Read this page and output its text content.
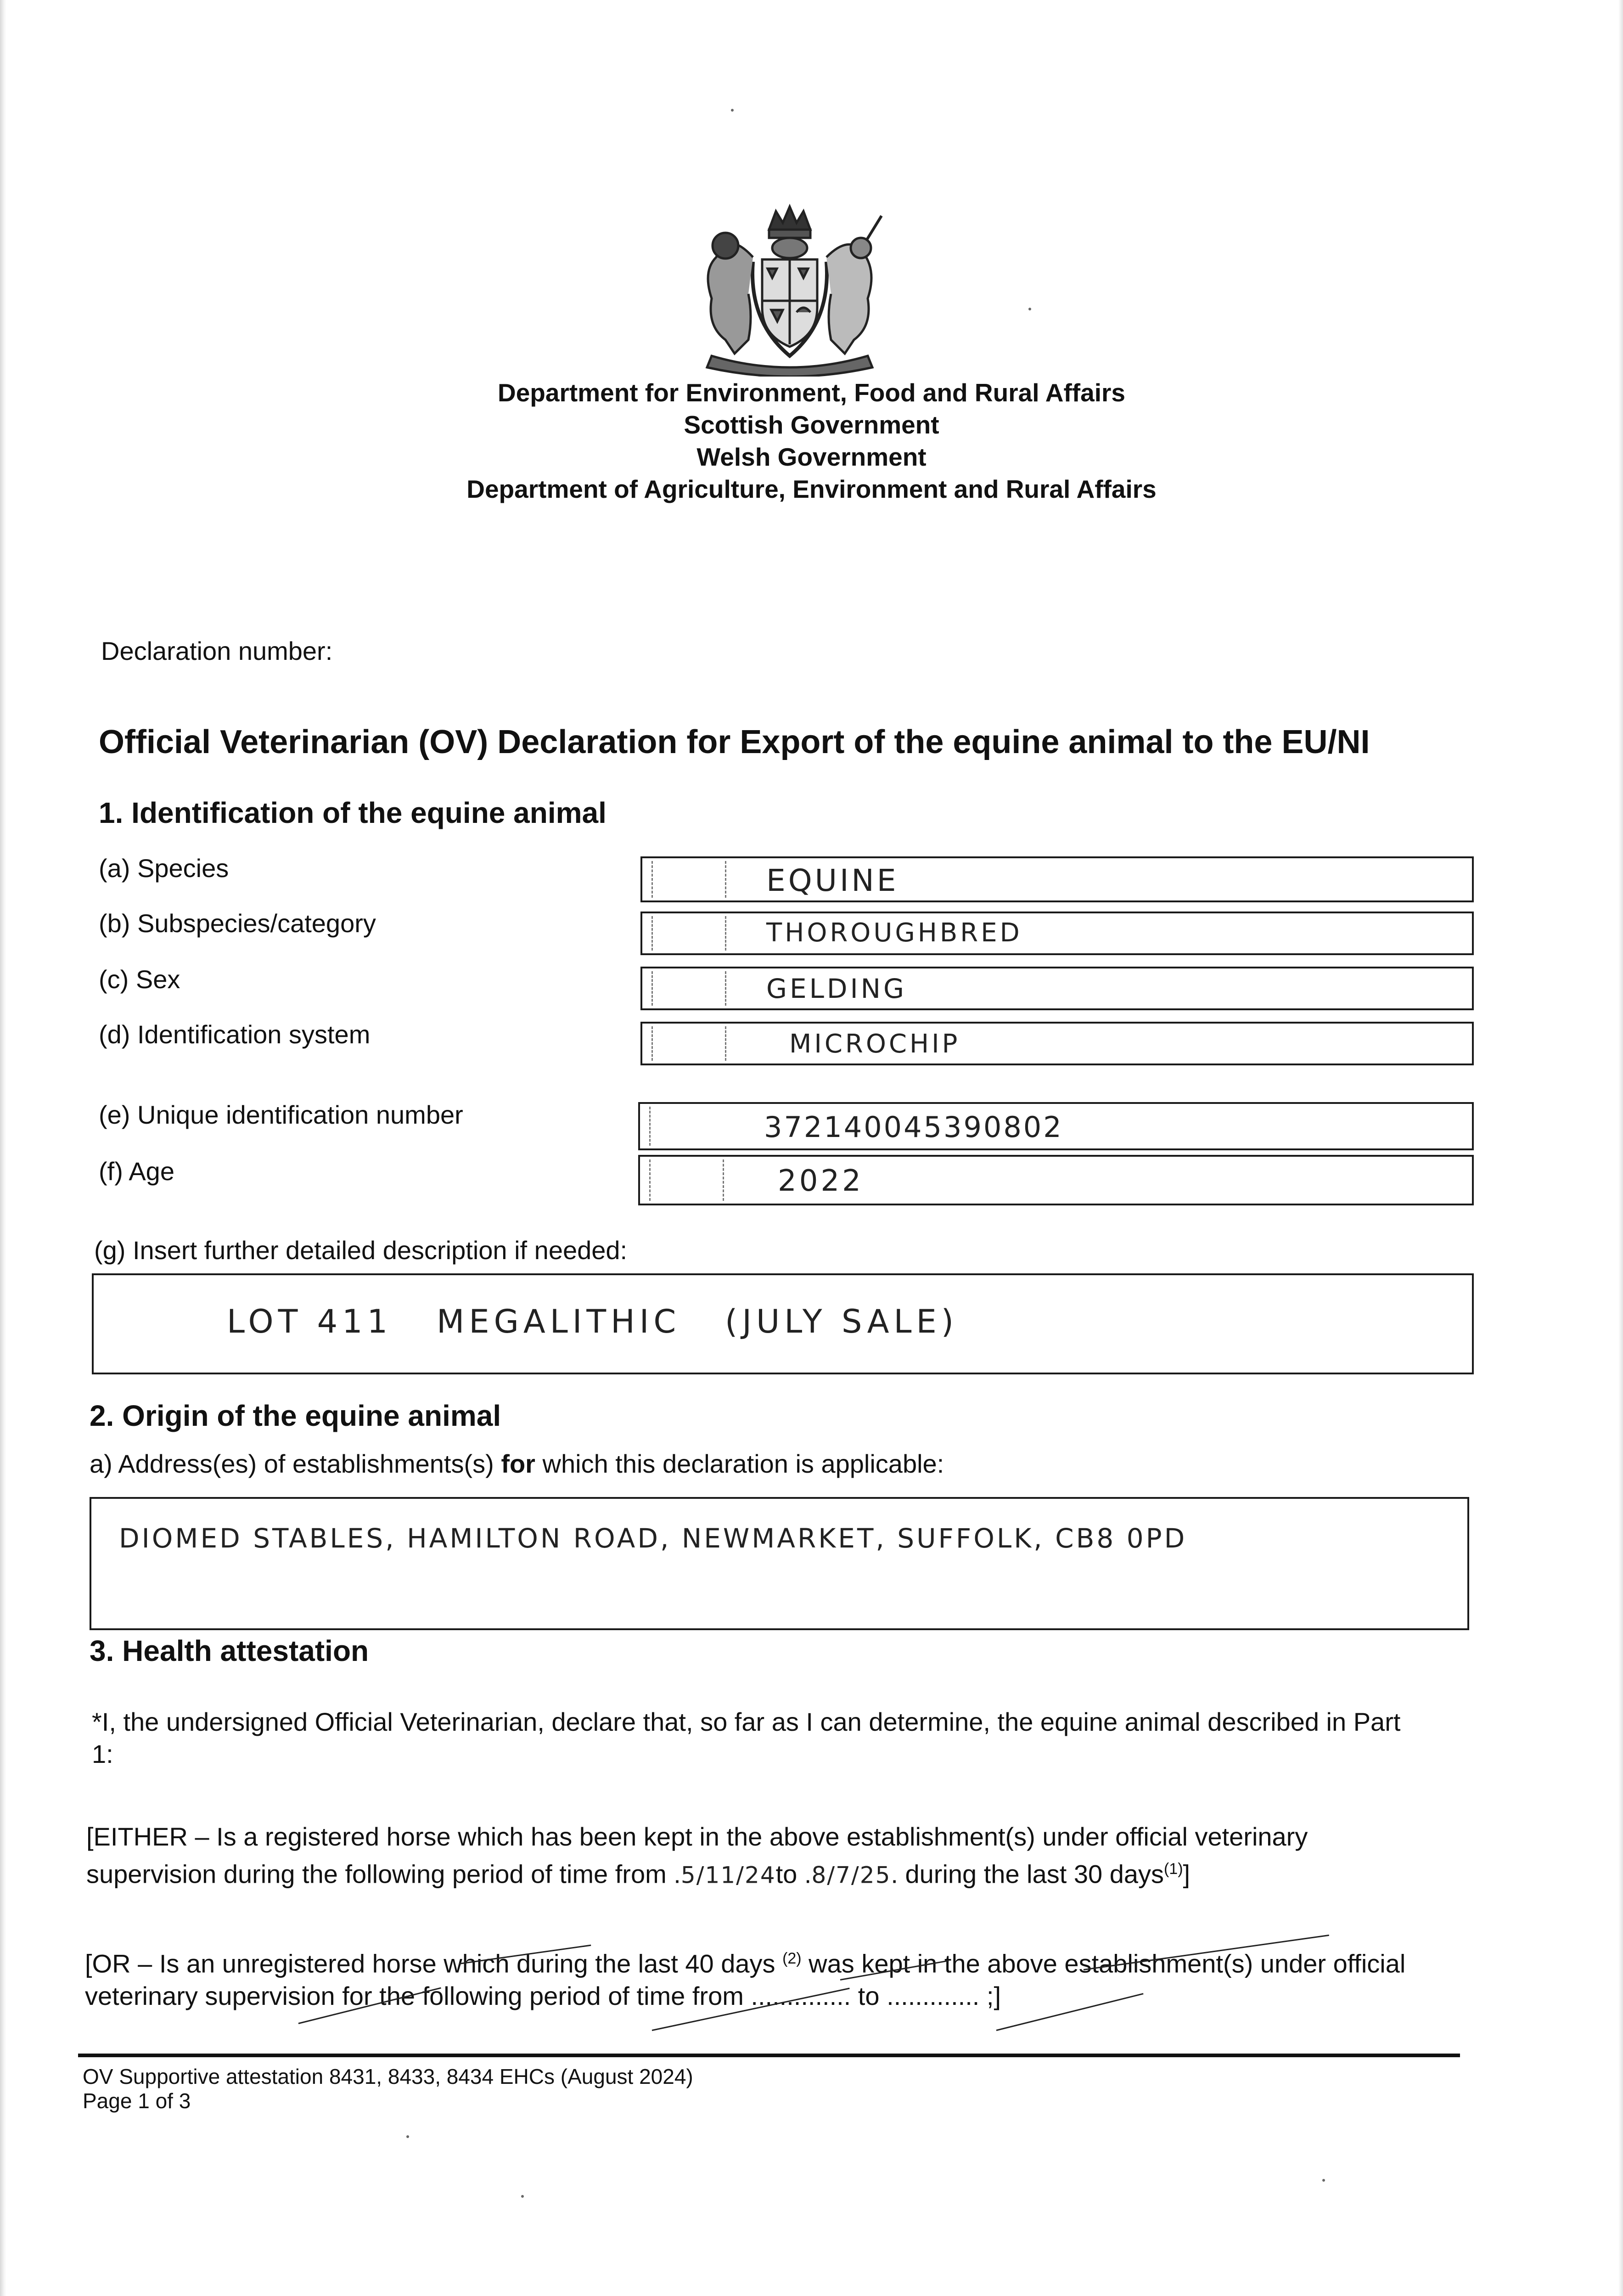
Department for Environment, Food and Rural Affairs
Scottish Government
Welsh Government
Department of Agriculture, Environment and Rural Affairs
Declaration number:
Official Veterinarian (OV) Declaration for Export of the equine animal to the EU/NI
1. Identification of the equine animal
(a) Species	EQUINE
(b) Subspecies/category	THOROUGHBRED
(c) Sex	GELDING
(d) Identification system	MICROCHIP
(e) Unique identification number	372140045390802
(f) Age	2022
(g) Insert further detailed description if needed:
LOT 411   MEGALITHIC   (JULY SALE)
2. Origin of the equine animal
a) Address(es) of establishments(s) for which this declaration is applicable:
DIOMED STABLES, HAMILTON ROAD, NEWMARKET, SUFFOLK, CB8 0PD
3. Health attestation
*I, the undersigned Official Veterinarian, declare that, so far as I can determine, the equine animal described in Part
1:
[EITHER – Is a registered horse which has been kept in the above establishment(s) under official veterinary
supervision during the following period of time from .5/11/24to .8/7/25. during the last 30 days$^{(1)}$]
[OR – Is an unregistered horse which during the last 40 days $^{(2)}$ was kept in the above establishment(s) under official
veterinary supervision for the following period of time from .............. to ............. ;]
OV Supportive attestation 8431, 8433, 8434 EHCs (August 2024)
Page 1 of 3
